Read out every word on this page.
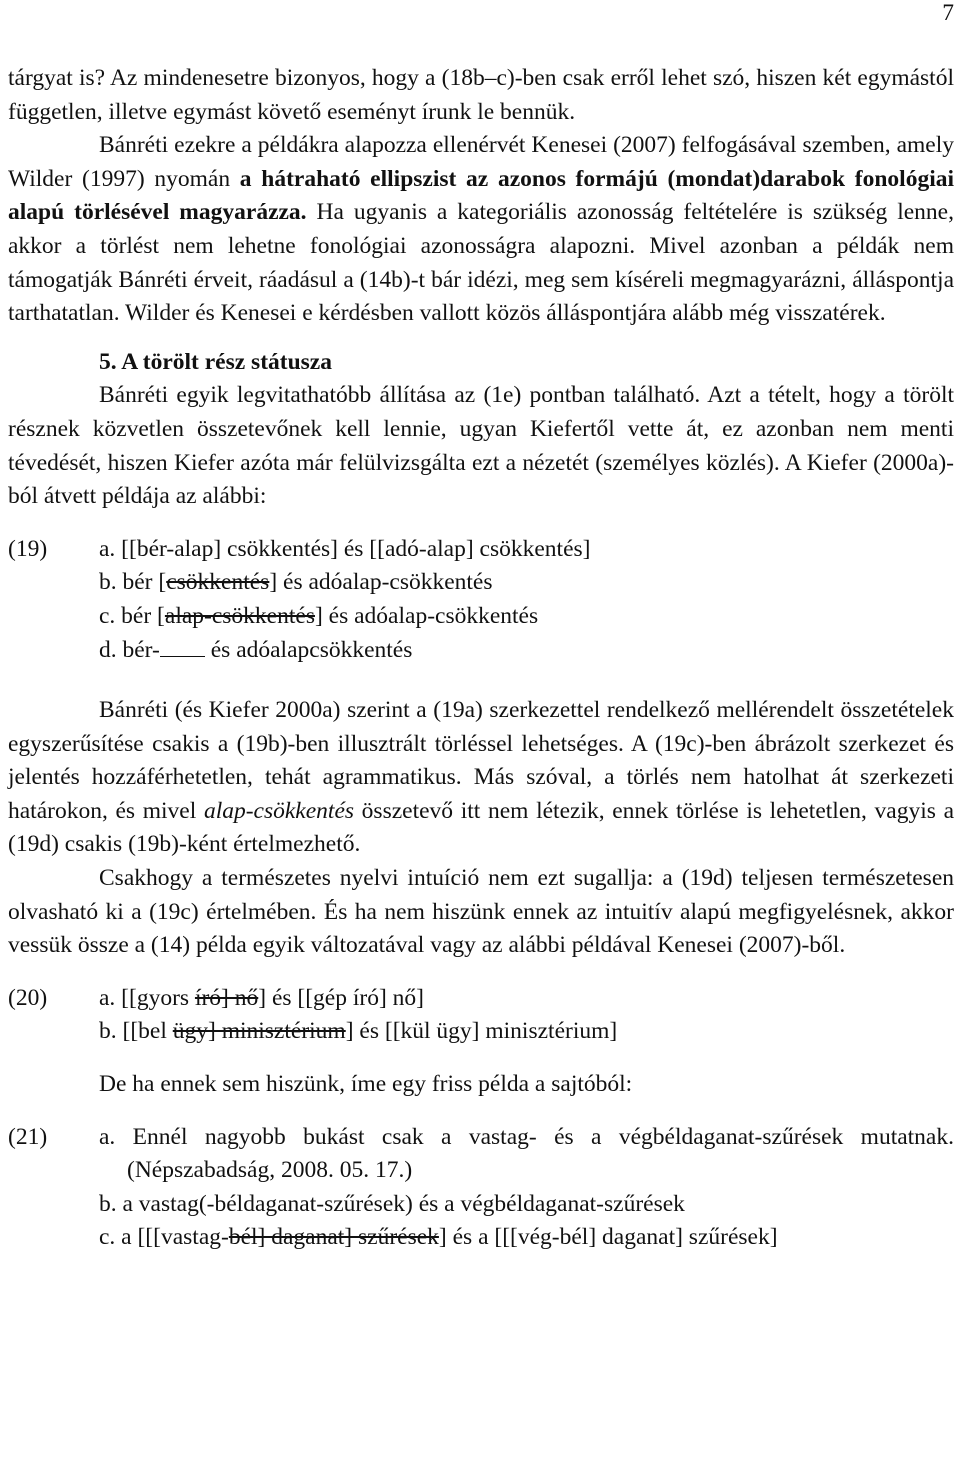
7

tárgyat is? Az mindenesetre bizonyos, hogy a (18b–c)-ben csak erről lehet szó, hiszen két egymástól független, illetve egymást követő eseményt írunk le bennük.

Bánréti ezekre a példákra alapozza ellenérvét Kenesei (2007) felfogásával szemben, amely Wilder (1997) nyomán a hátraható ellipszist az azonos formájú (mondat)darabok fonológiai alapú törlésével magyarázza. Ha ugyanis a kategoriális azonosság feltételére is szükség lenne, akkor a törlést nem lehetne fonológiai azonosságra alapozni. Mivel azonban a példák nem támogatják Bánréti érveit, ráadásul a (14b)-t bár idézi, meg sem kíséreli megmagyarázni, álláspontja tarthatatlan. Wilder és Kenesei e kérdésben vallott közös álláspontjára alább még visszatérek.

5. A törölt rész státusza

Bánréti egyik legvitathatóbb állítása az (1e) pontban található. Azt a tételt, hogy a törölt résznek közvetlen összetevőnek kell lennie, ugyan Kiefertől vette át, ez azonban nem menti tévedését, hiszen Kiefer azóta már felülvizsgálta ezt a nézetét (személyes közlés). A Kiefer (2000a)-ból átvett példája az alábbi:

(19)	a. [[bér-alap] csökkentés] és [[adó-alap] csökkentés]
b. bér [csökkentés] és adóalap-csökkentés
c. bér [alap-csökkentés] és adóalap-csökkentés
d. bér- és adóalapcsökkentés

Bánréti (és Kiefer 2000a) szerint a (19a) szerkezettel rendelkező mellérendelt összetételek egyszerűsítése csakis a (19b)-ben illusztrált törléssel lehetséges. A (19c)-ben ábrázolt szerkezet és jelentés hozzáférhetetlen, tehát agrammatikus. Más szóval, a törlés nem hatolhat át szerkezeti határokon, és mivel alap-csökkentés összetevő itt nem létezik, ennek törlése is lehetetlen, vagyis a (19d) csakis (19b)-ként értelmezhető.

Csakhogy a természetes nyelvi intuíció nem ezt sugallja: a (19d) teljesen természetesen olvasható ki a (19c) értelmében. És ha nem hiszünk ennek az intuitív alapú megfigyelésnek, akkor vessük össze a (14) példa egyik változatával vagy az alábbi példával Kenesei (2007)-ből.

(20)	a. [[gyors író] nő] és [[gép író] nő]
b. [[bel ügy] minisztérium] és [[kül ügy] minisztérium]

De ha ennek sem hiszünk, íme egy friss példa a sajtóból:

(21)	a. Ennél nagyobb bukást csak a vastag- és a végbéldaganat-szűrések mutatnak. (Népszabadság, 2008. 05. 17.)
b. a vastag(-béldaganat-szűrések) és a végbéldaganat-szűrések
c. a [[[vastag-bél] daganat] szűrések] és a [[[vég-bél] daganat] szűrések]
